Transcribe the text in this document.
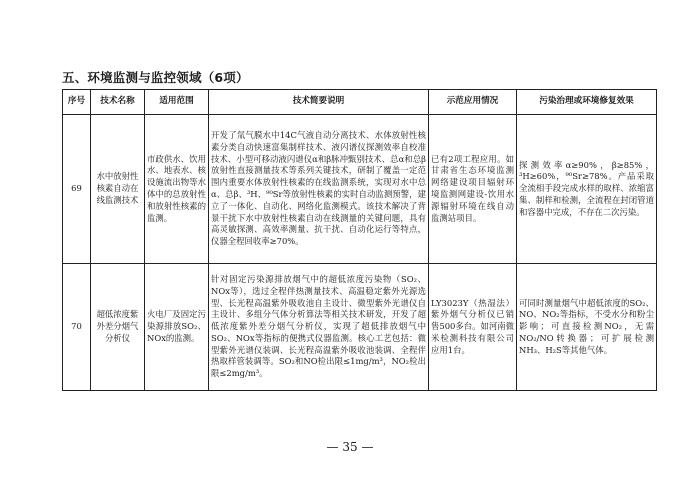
五、环境监测与监控领域（6项）
序号	技术名称	适用范围	技术简要说明	示范应用情况	污染治理或环境修复效果
69	水中放射性核素自动在线监测技术	市政供水、饮用水、地表水、核设施流出物等水体中的总放射性和放射性核素的监测。	开发了氚气膜水中14C气液自动分离技术、水体放射性核素分类自动快速富集制样技术、液闪谱仪探测效率自校准技术、小型可移动液闪谱仪α和β脉冲甄别技术、总α和总β放射性直接测量技术等系列关键技术，研制了覆盖一定范围内重要水体放射性核素的在线监测系统，实现对水中总α、总β、³H、⁹⁰Sr等放射性核素的实时自动监测预警，建立了一体化、自动化、网络化监测模式。该技术解决了背景干扰下水中放射性核素自动在线测量的关键问题，具有高灵敏探测、高效率测量、抗干扰、自动化运行等特点，仪器全程回收率≥70%。	已有2项工程应用。如甘肃省生态环境监测网络建设项目辐射环境监测网建设-饮用水源辐射环境在线自动监测站项目。	探测效率α≥90%，β≥85%，³H≥60%，⁹⁰Sr≥78%。产品采取全流相手段完成水样的取样、浓缩富集、制样和检测，全流程在封闭管道和容器中完成，不存在二次污染。
70	超低浓度紫外差分烟气分析仪	火电厂及固定污染源排放SO₂、NOx的监测。	针对固定污染源排放烟气中的超低浓度污染物（SO₂、NOx等），选过全程伴热测量技术、高温稳定紫外光源选型、长光程高温紫外吸收池自主设计、微型紫外光谱仪自主设计、多组分气体分析算法等相关技术研发，开发了超低浓度紫外差分烟气分析仪，实现了超低排放烟气中SO₂、NOx等指标的便携式仪器监测。核心工艺包括：微型紫外光谱仪装调、长光程高温紫外吸收池装调、全程伴热取样管装调等。SO₂和NO检出限≤1mg/m³，NO₂检出限≤2mg/m³。	LY3023Y（热湿法）紫外烟气分析仪已销售500多台。如河南微米检测科技有限公司应用1台。	可同时测量烟气中超低浓度的SO₂、NO、NO₂等指标，不受水分和粉尘影响；可直接检测NO₂，无需NO₂/NO转换器；可扩展检测NH₃、H₂S等其他气体。
— 35 —
